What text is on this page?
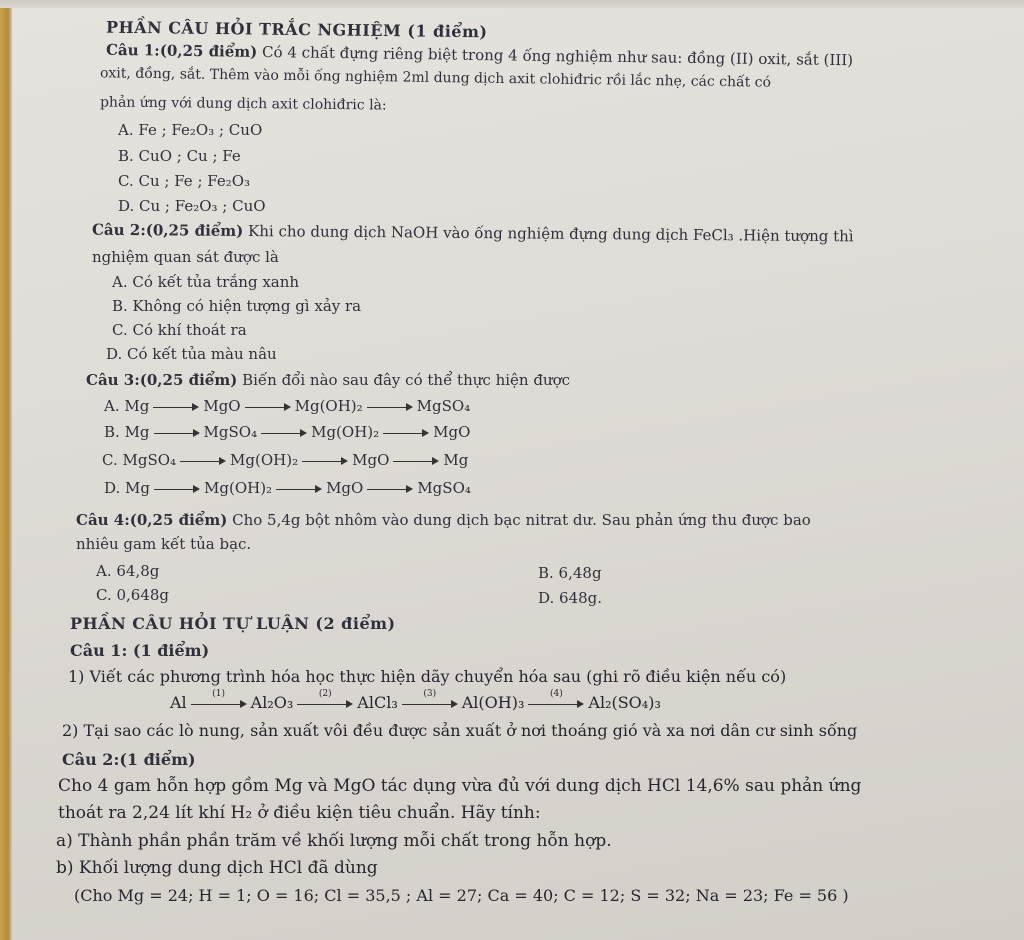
PHẦN CÂU HỎI TRẮC NGHIỆM (1 điểm)
Câu 1:(0,25 điểm) Có 4 chất đựng riêng biệt trong 4 ống nghiệm như sau: đồng (II) oxit, sắt (III)
oxit, đồng, sắt. Thêm vào mỗi ống nghiệm 2ml dung dịch axit clohiđric rồi lắc nhẹ, các chất có
phản ứng với dung dịch axit clohiđric là:
A. Fe ; Fe₂O₃ ; CuO
B. CuO ; Cu ; Fe
C. Cu ; Fe ; Fe₂O₃
D. Cu ; Fe₂O₃ ; CuO
Câu 2:(0,25 điểm) Khi cho dung dịch NaOH vào ống nghiệm đựng dung dịch FeCl₃ .Hiện tượng thì
nghiệm quan sát được là
A. Có kết tủa trắng xanh
B. Không có hiện tượng gì xảy ra
C. Có khí thoát ra
D. Có kết tủa màu nâu
Câu 3:(0,25 điểm) Biến đổi nào sau đây có thể thực hiện được
A. Mg	MgO	Mg(OH)₂	MgSO₄
B. Mg	MgSO₄	Mg(OH)₂	MgO
C. MgSO₄	Mg(OH)₂	MgO	Mg
D. Mg	Mg(OH)₂	MgO	MgSO₄
Câu 4:(0,25 điểm) Cho 5,4g bột nhôm vào dung dịch bạc nitrat dư. Sau phản ứng thu được bao
nhiêu gam kết tủa bạc.
A. 64,8g	B. 6,48g
C. 0,648g	D. 648g.
PHẦN CÂU HỎI TỰ LUẬN (2 điểm)
Câu 1: (1 điểm)
1) Viết các phương trình hóa học thực hiện dãy chuyển hóa sau (ghi rõ điều kiện nếu có)
Al	(1)	Al₂O₃	(2)	AlCl₃	(3)	Al(OH)₃	(4)	Al₂(SO₄)₃
2) Tại sao các lò nung, sản xuất vôi đều được sản xuất ở nơi thoáng gió và xa nơi dân cư sinh sống
Câu 2:(1 điểm)
Cho 4 gam hỗn hợp gồm Mg và MgO tác dụng vừa đủ với dung dịch HCl 14,6% sau phản ứng
thoát ra 2,24 lít khí H₂ ở điều kiện tiêu chuẩn. Hãy tính:
a) Thành phần phần trăm về khối lượng mỗi chất trong hỗn hợp.
b) Khối lượng dung dịch HCl đã dùng
(Cho Mg = 24; H = 1; O = 16; Cl = 35,5 ; Al = 27; Ca = 40; C = 12; S = 32; Na = 23; Fe = 56 )
